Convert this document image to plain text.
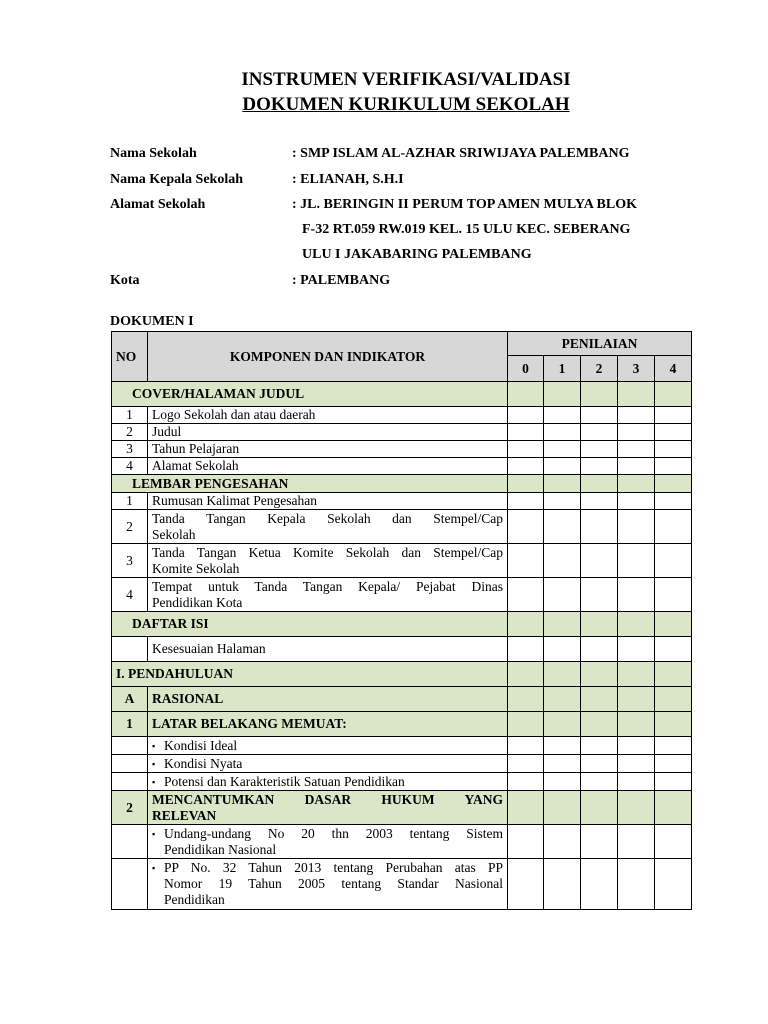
INSTRUMEN VERIFIKASI/VALIDASI
DOKUMEN KURIKULUM SEKOLAH
Nama Sekolah	: SMP ISLAM AL-AZHAR SRIWIJAYA PALEMBANG
Nama Kepala Sekolah	: ELIANAH, S.H.I
Alamat Sekolah	: JL. BERINGIN II PERUM TOP AMEN MULYA BLOK
F-32 RT.059 RW.019 KEL. 15 ULU KEC. SEBERANG
ULU I JAKABARING PALEMBANG
Kota	: PALEMBANG
DOKUMEN I
NO	KOMPONEN DAN INDIKATOR	PENILAIAN				
		0	1	2	3	4
COVER/HALAMAN JUDUL						
1	Logo Sekolah dan atau daerah					
2	Judul					
3	Tahun Pelajaran					
4	Alamat Sekolah					
LEMBAR PENGESAHAN						
1	Rumusan Kalimat Pengesahan					
2	Tanda Tangan Kepala Sekolah dan Stempel/Cap
Sekolah					

3	Tanda Tangan Ketua Komite Sekolah dan Stempel/Cap
Komite Sekolah					

4	Tempat untuk Tanda Tangan Kepala/ Pejabat Dinas
Pendidikan Kota					

DAFTAR ISI						
	Kesesuaian Halaman					
I. PENDAHULUAN						
A	RASIONAL					
1	LATAR BELAKANG MEMUAT:					

	▪ Kondisi Ideal					

	▪ Kondisi Nyata					

	▪ Potensi dan Karakteristik Satuan Pendidikan					

2	MENCANTUMKAN DASAR HUKUM YANG
RELEVAN					

	▪ Undang-undang No 20 thn 2003 tentang Sistem
Pendidikan Nasional					

	▪ PP No. 32 Tahun 2013 tentang Perubahan atas PP
Nomor 19 Tahun 2005 tentang Standar Nasional
Pendidikan					
